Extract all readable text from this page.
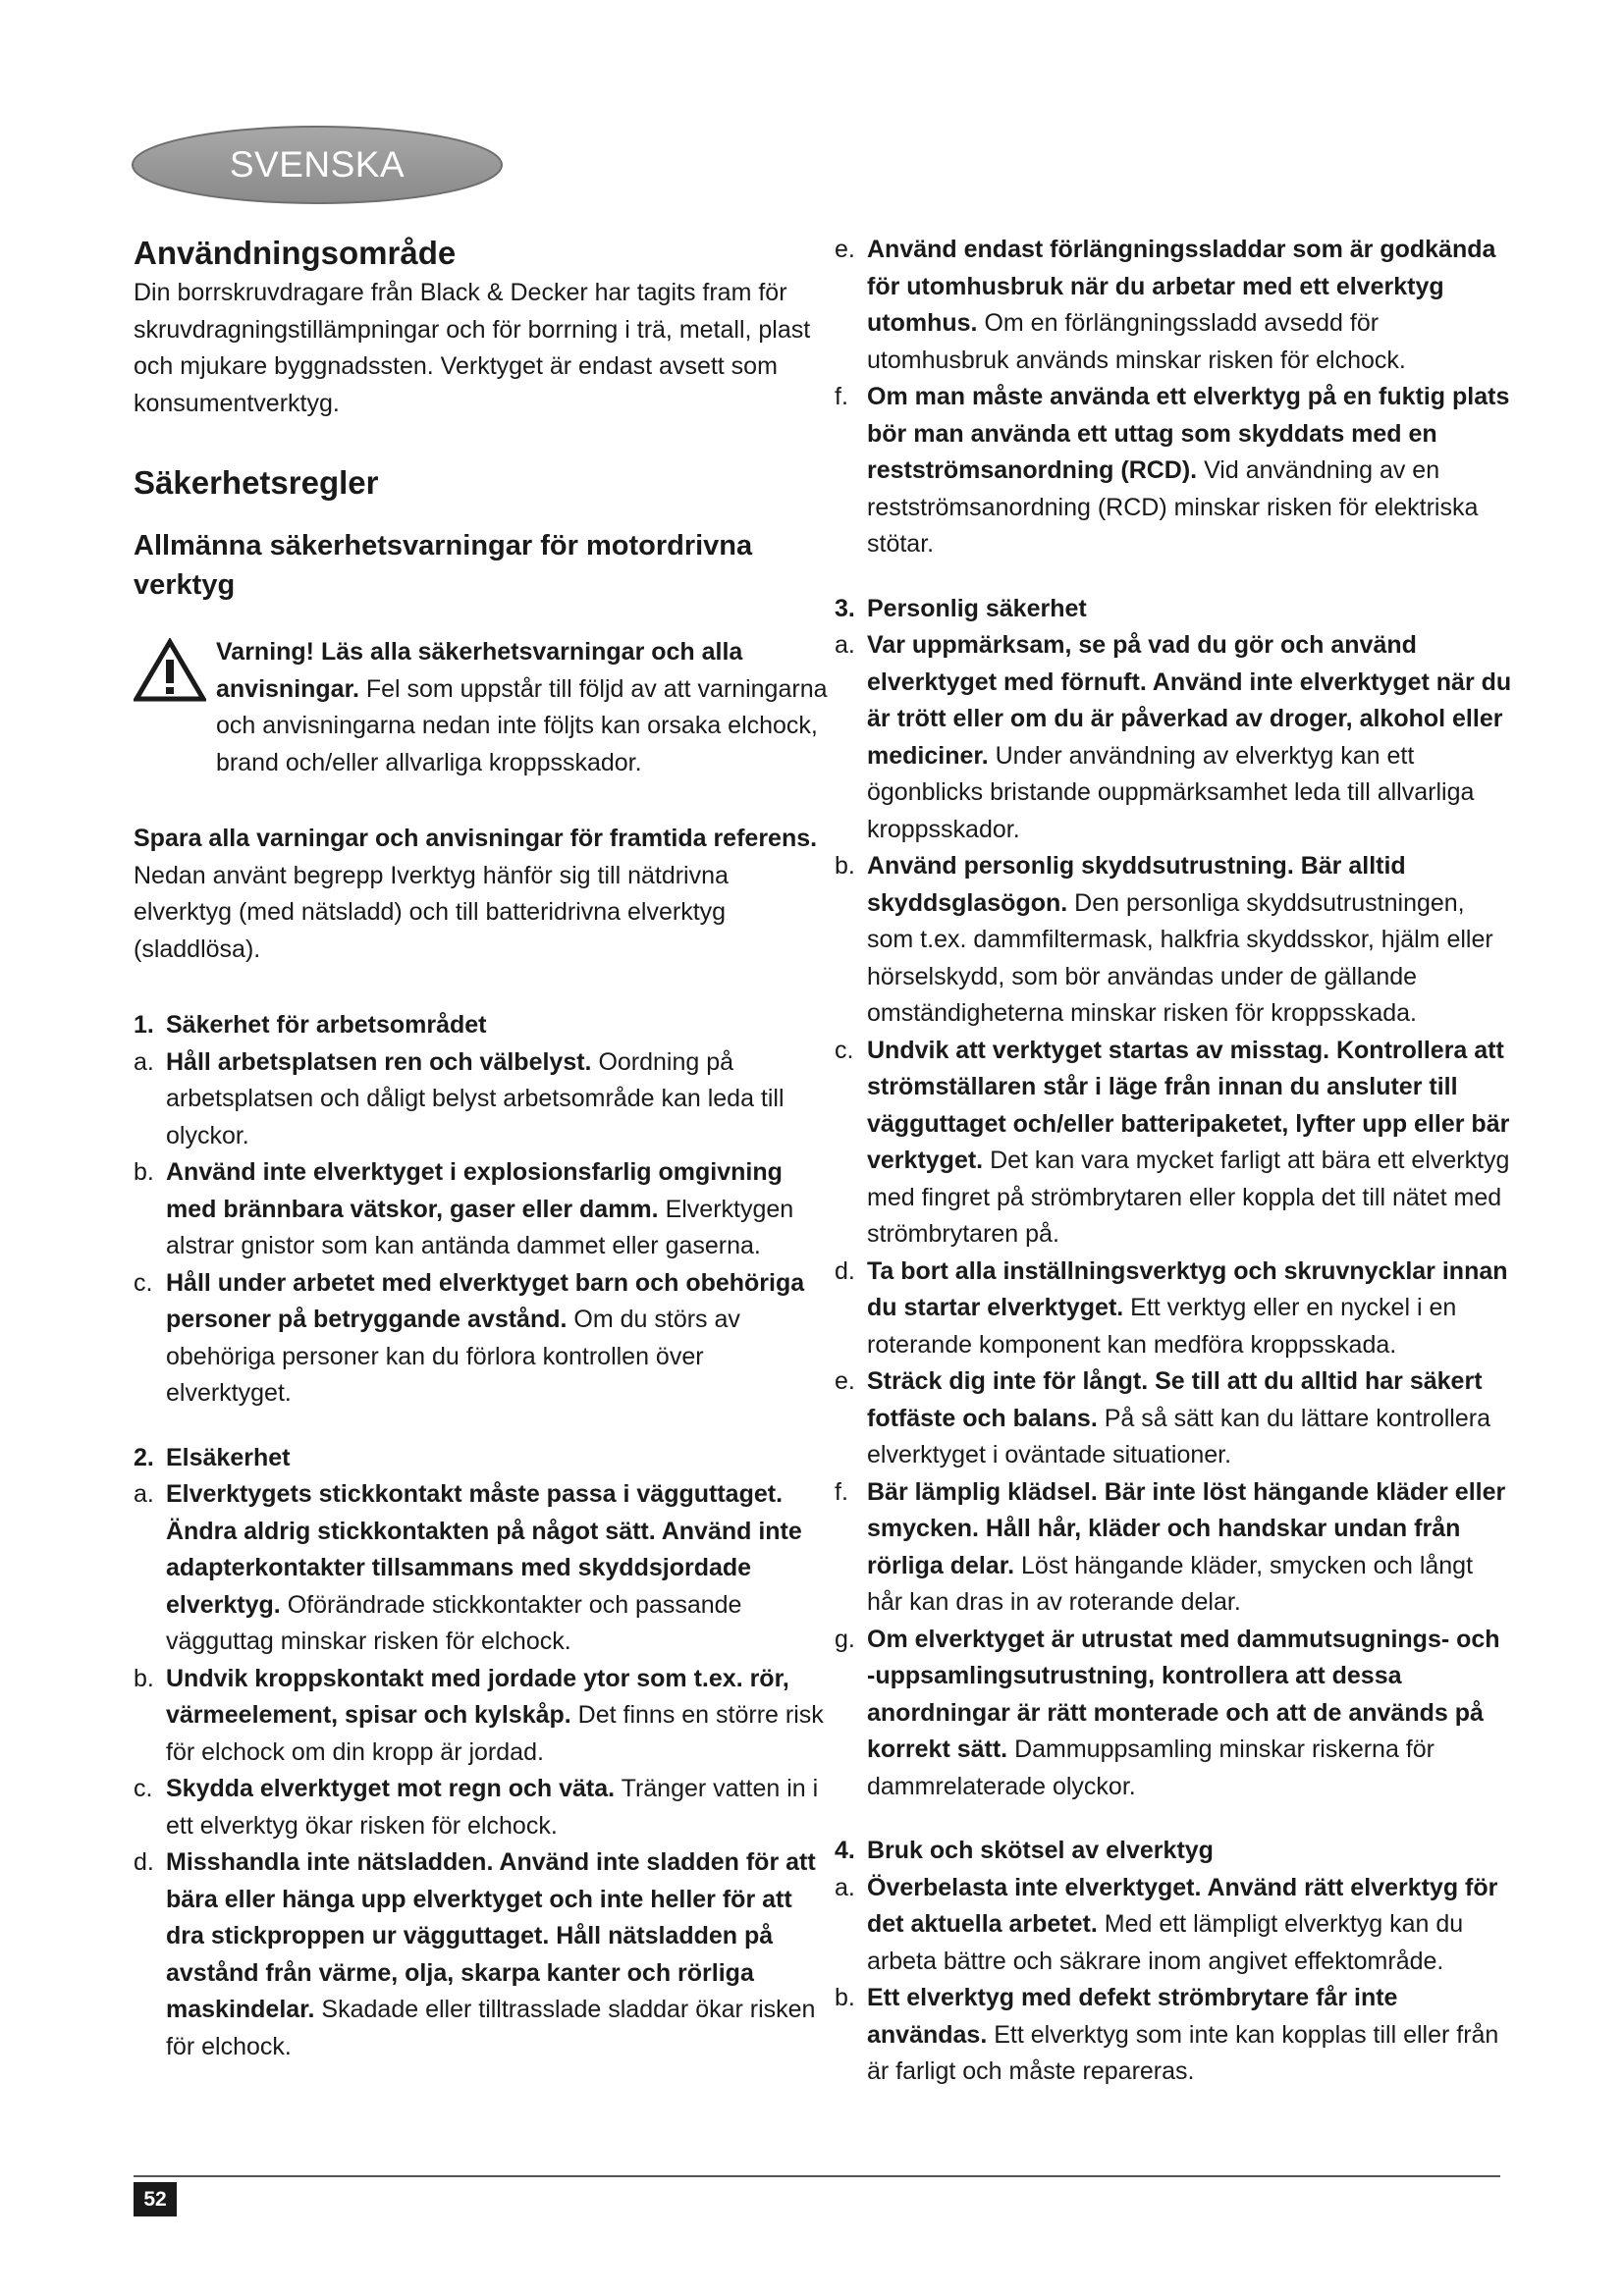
SVENSKA
Användningsområde

Din borrskruvdragare från Black & Decker har tagits fram för skruvdragningstillämpningar och för borrning i trä, metall, plast och mjukare byggnadssten. Verktyget är endast avsett som konsumentverktyg.

Säkerhetsregler
Allmänna säkerhetsvarningar för motordrivna verktyg

Varning! Läs alla säkerhetsvarningar och alla anvisningar. Fel som uppstår till följd av att varningarna och anvisningarna nedan inte följts kan orsaka elchock, brand och/eller allvarliga kroppsskador.

Spara alla varningar och anvisningar för framtida referens. Nedan använt begrepp Iverktyg hänför sig till nätdrivna elverktyg (med nätsladd) och till batteridrivna elverktyg (sladdlösa).

1. Säkerhet för arbetsområdet
a. Håll arbetsplatsen ren och välbelyst. Oordning på arbetsplatsen och dåligt belyst arbetsområde kan leda till olyckor.
b. Använd inte elverktyget i explosionsfarlig omgivning med brännbara vätskor, gaser eller damm. Elverktygen alstrar gnistor som kan antända dammet eller gaserna.
c. Håll under arbetet med elverktyget barn och obehöriga personer på betryggande avstånd. Om du störs av obehöriga personer kan du förlora kontrollen över elverktyget.
2. Elsäkerhet
a. Elverktygets stickkontakt måste passa i vägguttaget. Ändra aldrig stickkontakten på något sätt. Använd inte adapterkontakter tillsammans med skyddsjordade elverktyg. Oförändrade stickkontakter och passande vägguttag minskar risken för elchock.
b. Undvik kroppskontakt med jordade ytor som t.ex. rör, värmeelement, spisar och kylskåp. Det finns en större risk för elchock om din kropp är jordad.
c. Skydda elverktyget mot regn och väta. Tränger vatten in i ett elverktyg ökar risken för elchock.
d. Misshandla inte nätsladden. Använd inte sladden för att bära eller hänga upp elverktyget och inte heller för att dra stickproppen ur vägguttaget. Håll nätsladden på avstånd från värme, olja, skarpa kanter och rörliga maskindelar. Skadade eller tilltrasslade sladdar ökar risken för elchock.
e. Använd endast förlängningssladdar som är godkända för utomhusbruk när du arbetar med ett elverktyg utomhus. Om en förlängningssladd avsedd för utomhusbruk används minskar risken för elchock.
f. Om man måste använda ett elverktyg på en fuktig plats bör man använda ett uttag som skyddats med en restströmsanordning (RCD). Vid användning av en restströmsanordning (RCD) minskar risken för elektriska stötar.
3. Personlig säkerhet
a. Var uppmärksam, se på vad du gör och använd elverktyget med förnuft. Använd inte elverktyget när du är trött eller om du är påverkad av droger, alkohol eller mediciner. Under användning av elverktyg kan ett ögonblicks bristande ouppmärksamhet leda till allvarliga kroppsskador.
b. Använd personlig skyddsutrustning. Bär alltid skyddsglasögon. Den personliga skyddsutrustningen, som t.ex. dammfiltermask, halkfria skyddsskor, hjälm eller hörselskydd, som bör användas under de gällande omständigheterna minskar risken för kroppsskada.
c. Undvik att verktyget startas av misstag. Kontrollera att strömställaren står i läge från innan du ansluter till vägguttaget och/eller batteripaketet, lyfter upp eller bär verktyget. Det kan vara mycket farligt att bära ett elverktyg med fingret på strömbrytaren eller koppla det till nätet med strömbrytaren på.
d. Ta bort alla inställningsverktyg och skruvnycklar innan du startar elverktyget. Ett verktyg eller en nyckel i en roterande komponent kan medföra kroppsskada.
e. Sträck dig inte för långt. Se till att du alltid har säkert fotfäste och balans. På så sätt kan du lättare kontrollera elverktyget i oväntade situationer.
f. Bär lämplig klädsel. Bär inte löst hängande kläder eller smycken. Håll hår, kläder och handskar undan från rörliga delar. Löst hängande kläder, smycken och långt hår kan dras in av roterande delar.
g. Om elverktyget är utrustat med dammutsugnings- och -uppsamlingsutrustning, kontrollera att dessa anordningar är rätt monterade och att de används på korrekt sätt. Dammuppsamling minskar riskerna för dammrelaterade olyckor.
4. Bruk och skötsel av elverktyg
a. Överbelasta inte elverktyget. Använd rätt elverktyg för det aktuella arbetet. Med ett lämpligt elverktyg kan du arbeta bättre och säkrare inom angivet effektområde.
b. Ett elverktyg med defekt strömbrytare får inte användas. Ett elverktyg som inte kan kopplas till eller från är farligt och måste repareras.
52
